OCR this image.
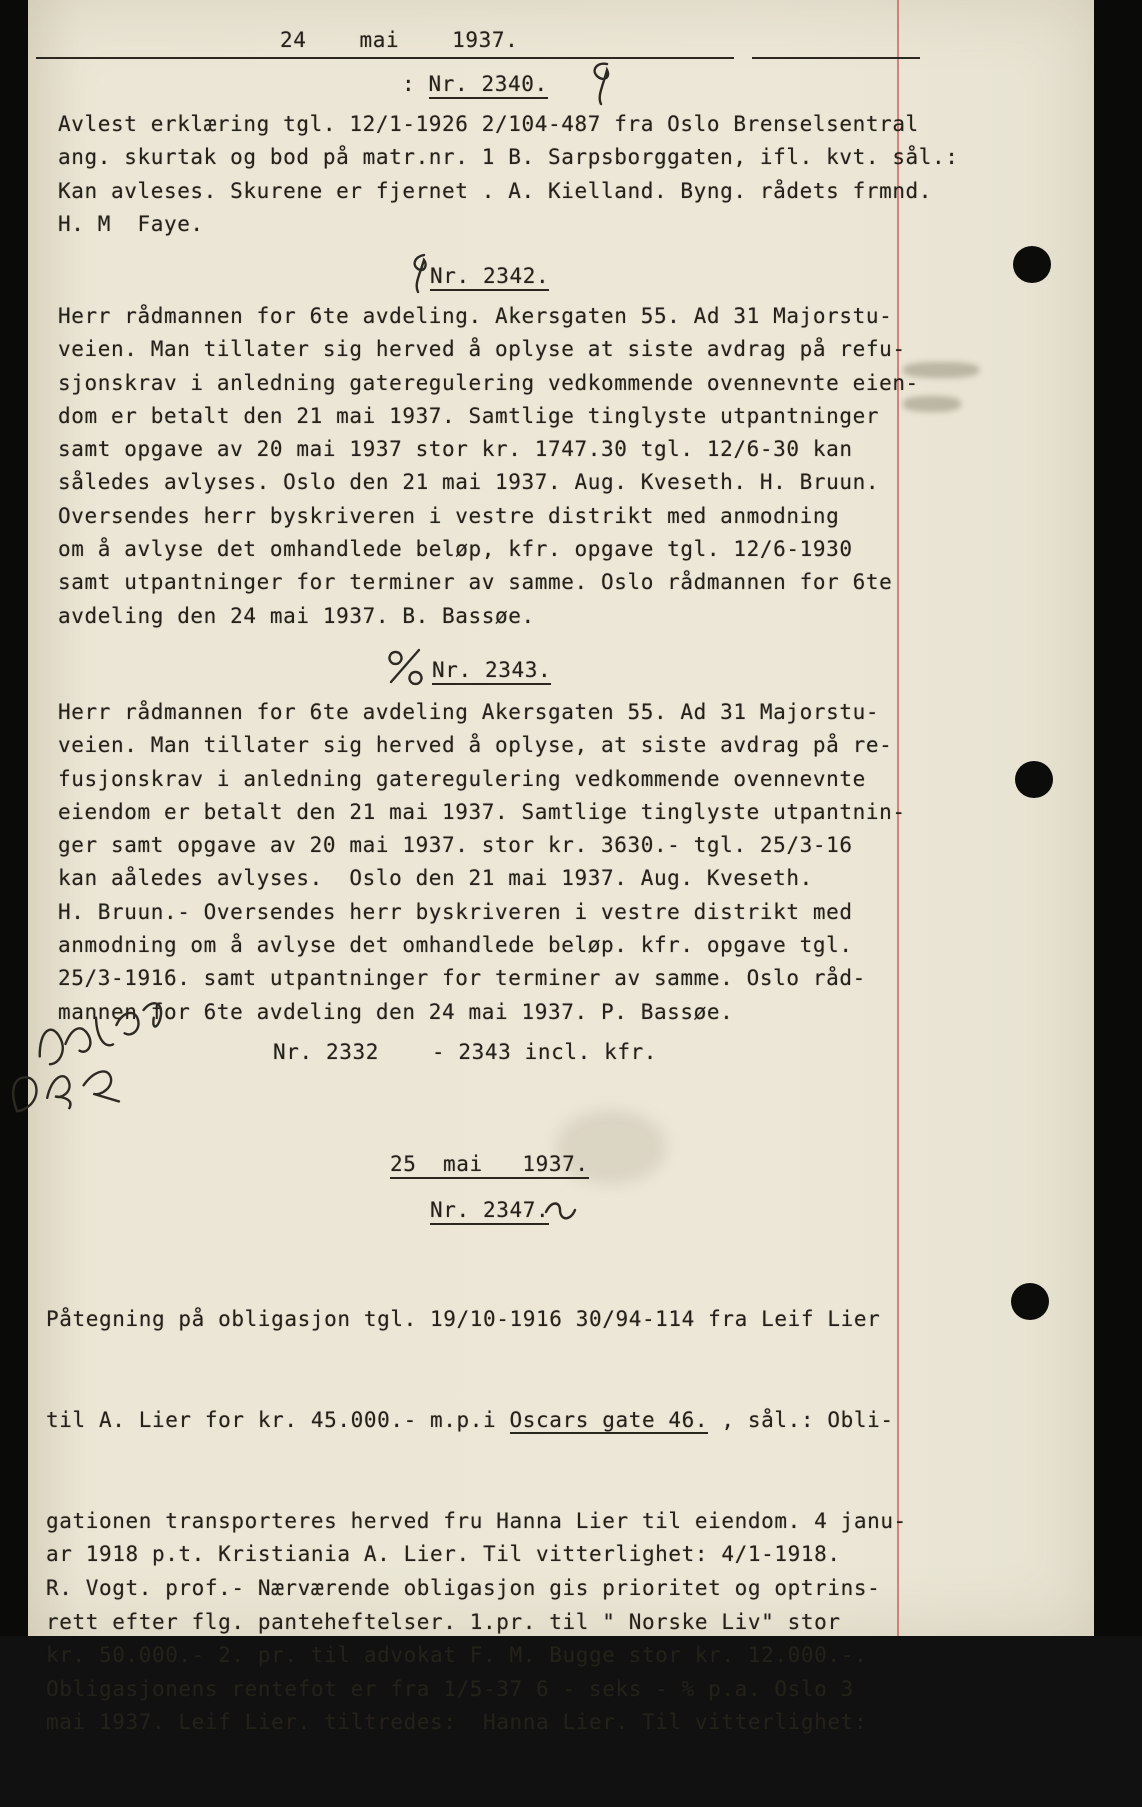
24    mai    1937.
: Nr. 2340.
Avlest erklæring tgl. 12/1-1926 2/104-487 fra Oslo Brenselsentral
ang. skurtak og bod på matr.nr. 1 B. Sarpsborggaten, ifl. kvt. sål.:
Kan avleses. Skurene er fjernet . A. Kielland. Byng. rådets frmnd.
H. M  Faye.
Nr. 2342.
Herr rådmannen for 6te avdeling. Akersgaten 55. Ad 31 Majorstu-
veien. Man tillater sig herved å oplyse at siste avdrag på refu-
sjonskrav i anledning gateregulering vedkommende ovennevnte eien-
dom er betalt den 21 mai 1937. Samtlige tinglyste utpantninger
samt opgave av 20 mai 1937 stor kr. 1747.30 tgl. 12/6-30 kan
således avlyses. Oslo den 21 mai 1937. Aug. Kveseth. H. Bruun.
Oversendes herr byskriveren i vestre distrikt med anmodning
om å avlyse det omhandlede beløp, kfr. opgave tgl. 12/6-1930
samt utpantninger for terminer av samme. Oslo rådmannen for 6te
avdeling den 24 mai 1937. B. Bassøe.
Nr. 2343.
Herr rådmannen for 6te avdeling Akersgaten 55. Ad 31 Majorstu-
veien. Man tillater sig herved å oplyse, at siste avdrag på re-
fusjonskrav i anledning gateregulering vedkommende ovennevnte
eiendom er betalt den 21 mai 1937. Samtlige tinglyste utpantnin-
ger samt opgave av 20 mai 1937. stor kr. 3630.- tgl. 25/3-16
kan aåledes avlyses.  Oslo den 21 mai 1937. Aug. Kveseth.
H. Bruun.- Oversendes herr byskriveren i vestre distrikt med
anmodning om å avlyse det omhandlede beløp. kfr. opgave tgl.
25/3-1916. samt utpantninger for terminer av samme. Oslo råd-
mannen for 6te avdeling den 24 mai 1937. P. Bassøe.
Nr. 2332    - 2343 incl. kfr.
25  mai   1937.
Nr. 2347.

Påtegning på obligasjon tgl. 19/10-1916 30/94-114 fra Leif Lier

til A. Lier for kr. 45.000.- m.p.i Oscars gate 46. , sål.: Obli-

gationen transporteres herved fru Hanna Lier til eiendom. 4 janu-
ar 1918 p.t. Kristiania A. Lier. Til vitterlighet: 4/1-1918.
R. Vogt. prof.- Nærværende obligasjon gis prioritet og optrins-
rett efter flg. panteheftelser. 1.pr. til " Norske Liv" stor
kr. 50.000.- 2. pr. til advokat F. M. Bugge stor kr. 12.000.-.
Obligasjonens rentefot er fra 1/5-37 6 - seks - % p.a. Oslo 3
mai 1937. Leif Lier. tiltredes:  Hanna Lier. Til vitterlighet:
